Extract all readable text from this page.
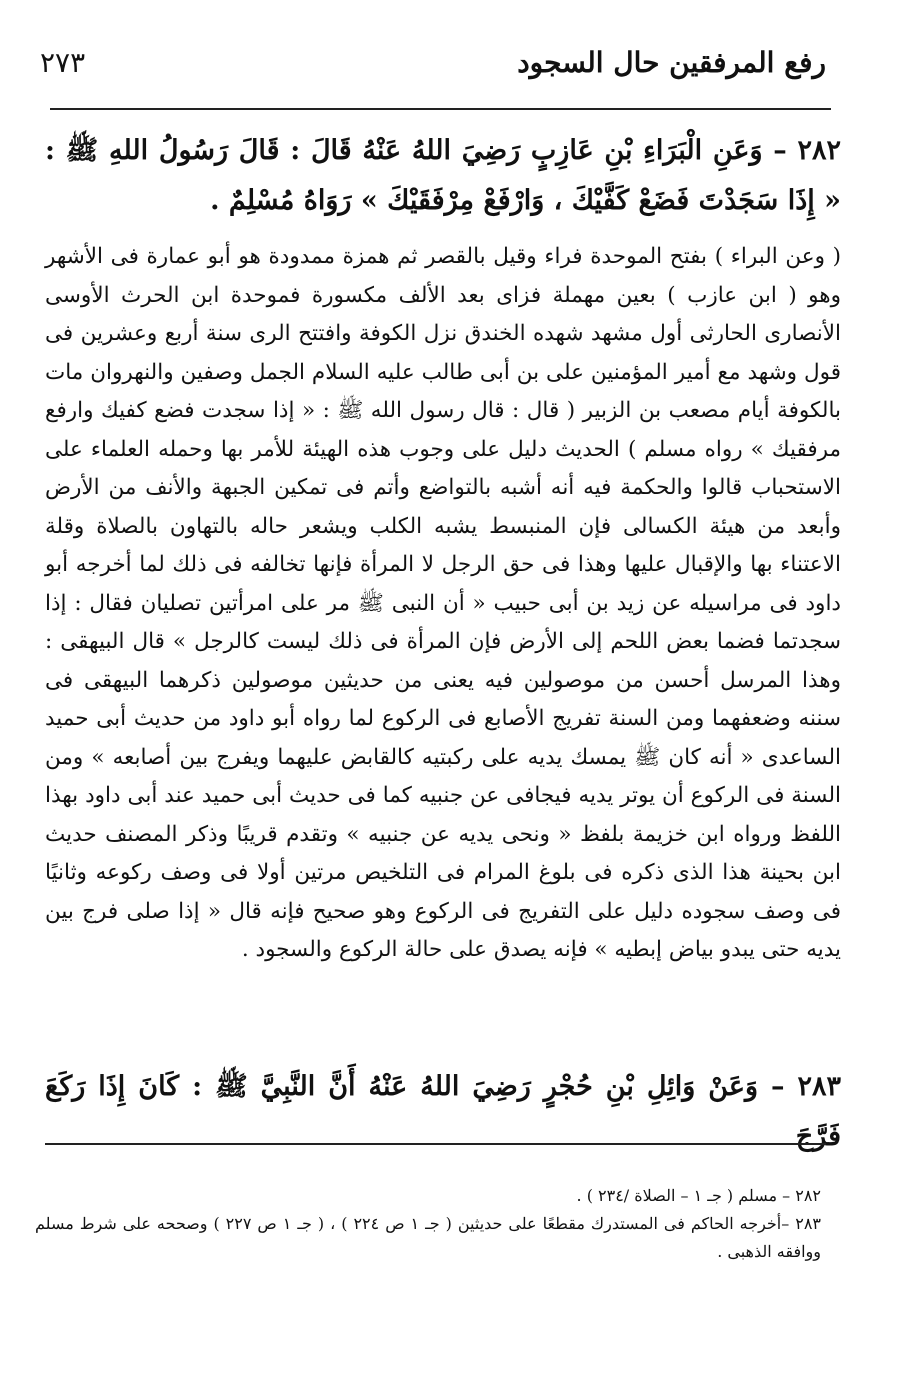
٢٧٣	رفع المرفقين حال السجود
٢٨٢ – وَعَنِ الْبَرَاءِ بْنِ عَازِبٍ رَضِيَ اللهُ عَنْهُ قَالَ : قَالَ رَسُولُ اللهِ ﷺ : « إِذَا سَجَدْتَ فَضَعْ كَفَّيْكَ ، وَارْفَعْ مِرْفَقَيْكَ » رَوَاهُ مُسْلِمٌ .
( وعن البراء ) بفتح الموحدة فراء وقيل بالقصر ثم همزة ممدودة هو أبو عمارة فى الأشهر وهو ( ابن عازب ) بعين مهملة فزاى بعد الألف مكسورة فموحدة ابن الحرث الأوسى الأنصارى الحارثى أول مشهد شهده الخندق نزل الكوفة وافتتح الرى سنة أربع وعشرين فى قول وشهد مع أمير المؤمنين على بن أبى طالب عليه السلام الجمل وصفين والنهروان مات بالكوفة أيام مصعب بن الزبير ( قال : قال رسول الله ﷺ : « إذا سجدت فضع كفيك وارفع مرفقيك » رواه مسلم ) الحديث دليل على وجوب هذه الهيئة للأمر بها وحمله العلماء على الاستحباب قالوا والحكمة فيه أنه أشبه بالتواضع وأتم فى تمكين الجبهة والأنف من الأرض وأبعد من هيئة الكسالى فإن المنبسط يشبه الكلب ويشعر حاله بالتهاون بالصلاة وقلة الاعتناء بها والإقبال عليها وهذا فى حق الرجل لا المرأة فإنها تخالفه فى ذلك لما أخرجه أبو داود فى مراسيله عن زيد بن أبى حبيب « أن النبى ﷺ مر على امرأتين تصليان فقال : إذا سجدتما فضما بعض اللحم إلى الأرض فإن المرأة فى ذلك ليست كالرجل » قال البيهقى : وهذا المرسل أحسن من موصولين فيه يعنى من حديثين موصولين ذكرهما البيهقى فى سننه وضعفهما ومن السنة تفريج الأصابع فى الركوع لما رواه أبو داود من حديث أبى حميد الساعدى « أنه كان ﷺ يمسك يديه على ركبتيه كالقابض عليهما ويفرج بين أصابعه » ومن السنة فى الركوع أن يوتر يديه فيجافى عن جنبيه كما فى حديث أبى حميد عند أبى داود بهذا اللفظ ورواه ابن خزيمة بلفظ « ونحى يديه عن جنبيه » وتقدم قريبًا وذكر المصنف حديث ابن بحينة هذا الذى ذكره فى بلوغ المرام فى التلخيص مرتين أولا فى وصف ركوعه وثانيًا فى وصف سجوده دليل على التفريج فى الركوع وهو صحيح فإنه قال « إذا صلى فرج بين يديه حتى يبدو بياض إبطيه » فإنه يصدق على حالة الركوع والسجود .
٢٨٣ – وَعَنْ وَائِلِ بْنِ حُجْرٍ رَضِيَ اللهُ عَنْهُ أَنَّ النَّبِيَّ ﷺ : كَانَ إِذَا رَكَعَ فَرَّجَ

٢٨٢ – مسلم ( جـ ١ – الصلاة /٢٣٤ ) .

٢٨٣ –أخرجه الحاكم فى المستدرك مقطعًا على حديثين ( جـ ١ ص ٢٢٤ ) ، ( جـ ١ ص ٢٢٧ ) وصححه على شرط مسلم ووافقه الذهبى .
